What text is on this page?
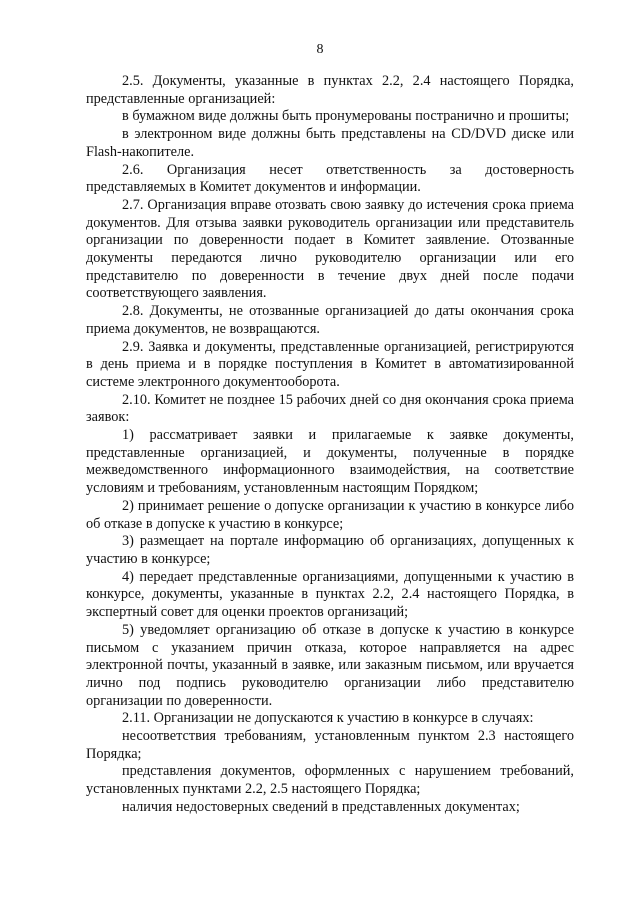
8

2.5. Документы, указанные в пунктах 2.2, 2.4 настоящего Порядка, представленные организацией:

в бумажном виде должны быть пронумерованы постранично и прошиты;

в электронном виде должны быть представлены на CD/DVD диске или Flash-накопителе.

2.6. Организация несет ответственность за достоверность представляемых в Комитет документов и информации.

2.7. Организация вправе отозвать свою заявку до истечения срока приема документов. Для отзыва заявки руководитель организации или представитель организации по доверенности подает в Комитет заявление. Отозванные документы передаются лично руководителю организации или его представителю по доверенности в течение двух дней после подачи соответствующего заявления.

2.8. Документы, не отозванные организацией до даты окончания срока приема документов, не возвращаются.

2.9. Заявка и документы, представленные организацией, регистрируются в день приема и в порядке поступления в Комитет в автоматизированной системе электронного документооборота.

2.10. Комитет не позднее 15 рабочих дней со дня окончания срока приема заявок:

1) рассматривает заявки и прилагаемые к заявке документы, представленные организацией, и документы, полученные в порядке межведомственного информационного взаимодействия, на соответствие условиям и требованиям, установленным настоящим Порядком;

2) принимает решение о допуске организации к участию в конкурсе либо об отказе в допуске к участию в конкурсе;

3) размещает на портале информацию об организациях, допущенных к участию в конкурсе;

4) передает представленные организациями, допущенными к участию в конкурсе, документы, указанные в пунктах 2.2, 2.4 настоящего Порядка, в экспертный совет для оценки проектов организаций;

5) уведомляет организацию об отказе в допуске к участию в конкурсе письмом с указанием причин отказа, которое направляется на адрес электронной почты, указанный в заявке, или заказным письмом, или вручается лично под подпись руководителю организации либо представителю организации по доверенности.

2.11. Организации не допускаются к участию в конкурсе в случаях:

несоответствия требованиям, установленным пунктом 2.3 настоящего Порядка;

представления документов, оформленных с нарушением требований, установленных пунктами 2.2, 2.5 настоящего Порядка;

наличия недостоверных сведений в представленных документах;
